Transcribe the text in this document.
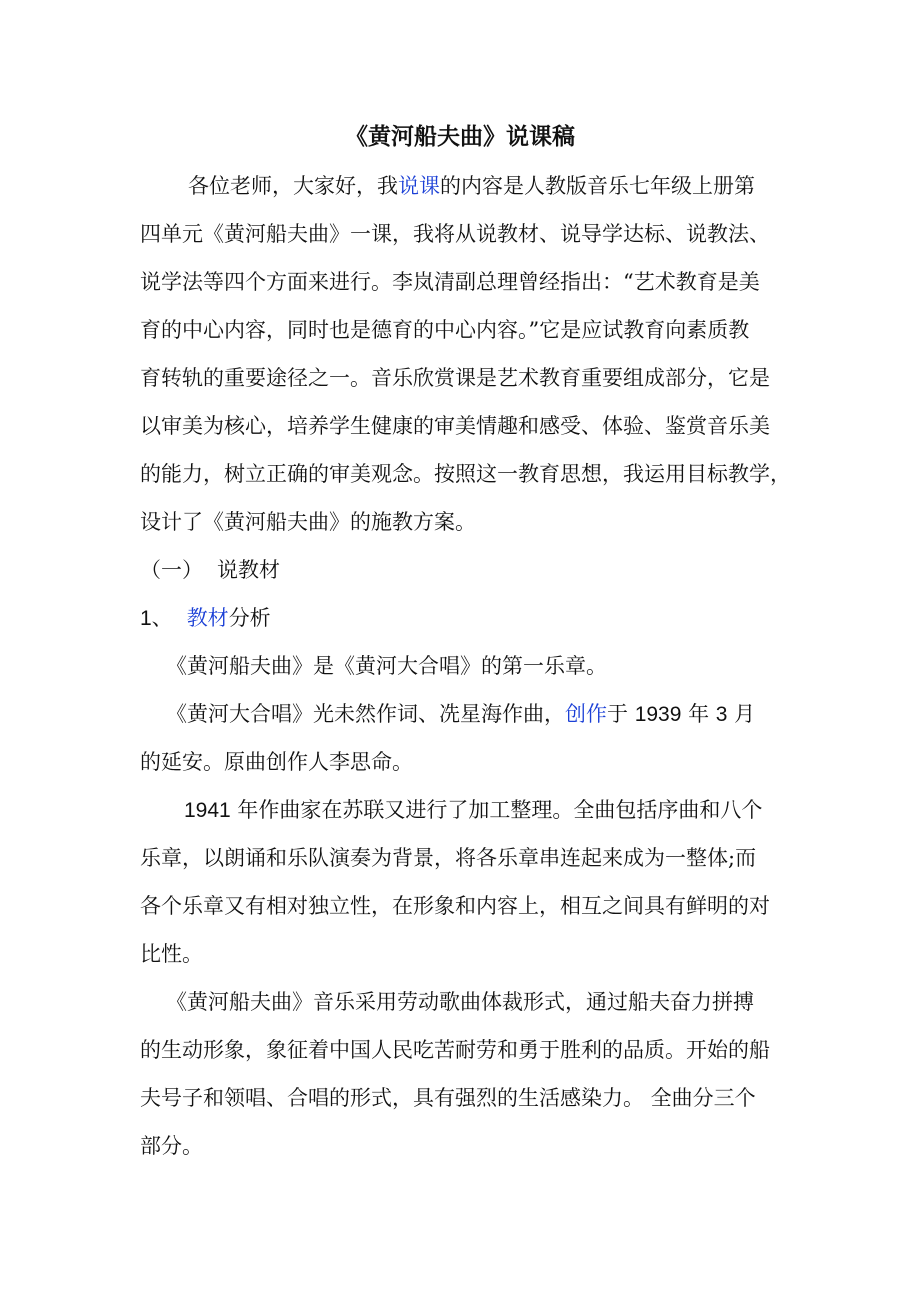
《黄河船夫曲》说课稿
各位老师，大家好，我说课的内容是人教版音乐七年级上册第
四单元《黄河船夫曲》一课，我将从说教材、说导学达标、说教法、
说学法等四个方面来进行。李岚清副总理曾经指出：“艺术教育是美
育的中心内容，同时也是德育的中心内容。”它是应试教育向素质教
育转轨的重要途径之一。音乐欣赏课是艺术教育重要组成部分，它是
以审美为核心，培养学生健康的审美情趣和感受、体验、鉴赏音乐美
的能力，树立正确的审美观念。按照这一教育思想，我运用目标教学，
设计了《黄河船夫曲》的施教方案。
（一） 说教材
1、 教材分析
《黄河船夫曲》是《黄河大合唱》的第一乐章。
《黄河大合唱》光未然作词、冼星海作曲，创作于 1939 年 3 月
的延安。原曲创作人李思命。
1941 年作曲家在苏联又进行了加工整理。全曲包括序曲和八个
乐章，以朗诵和乐队演奏为背景，将各乐章串连起来成为一整体;而
各个乐章又有相对独立性，在形象和内容上，相互之间具有鲜明的对
比性。
《黄河船夫曲》音乐采用劳动歌曲体裁形式，通过船夫奋力拼搏
的生动形象，象征着中国人民吃苦耐劳和勇于胜利的品质。开始的船
夫号子和领唱、合唱的形式，具有强烈的生活感染力。 全曲分三个
部分。
